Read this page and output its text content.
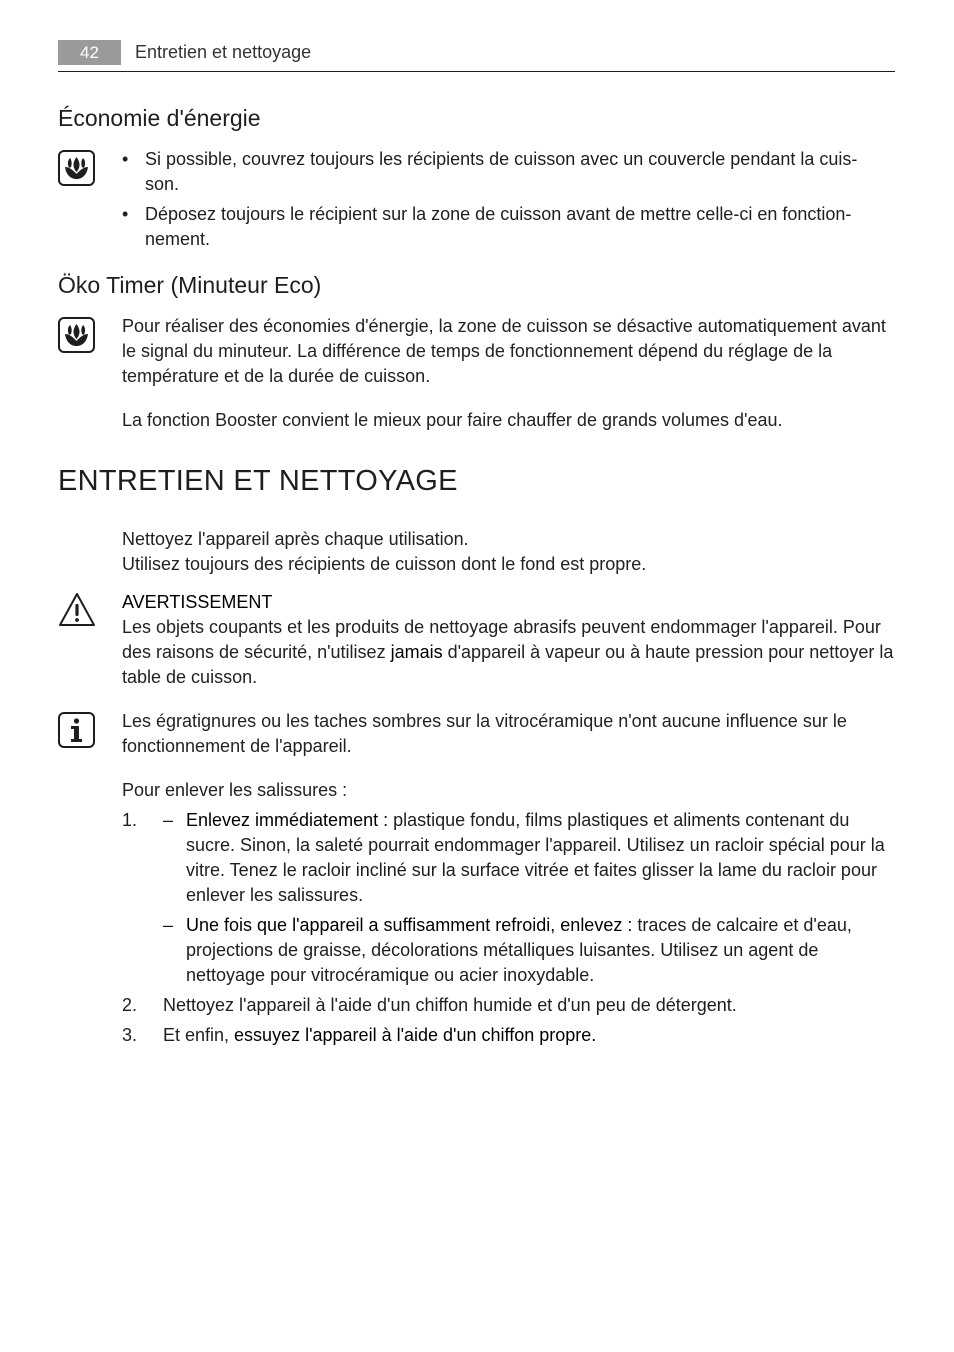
42	Entretien et nettoyage
Économie d'énergie
• Si possible, couvrez toujours les récipients de cuisson avec un couvercle pendant la cuis-
son.
• Déposez toujours le récipient sur la zone de cuisson avant de mettre celle-ci en fonction-
nement.
Öko Timer (Minuteur Eco)

Pour réaliser des économies d'énergie, la zone de cuisson se désactive automatiquement avant le signal du minuteur. La différence de temps de fonctionnement dépend du réglage de la température et de la durée de cuisson.

La fonction Booster convient le mieux pour faire chauffer de grands volumes d'eau.

ENTRETIEN ET NETTOYAGE

Nettoyez l'appareil après chaque utilisation.

Utilisez toujours des récipients de cuisson dont le fond est propre.

AVERTISSEMENT

Les objets coupants et les produits de nettoyage abrasifs peuvent endommager l'appareil. Pour des raisons de sécurité, n'utilisez jamais d'appareil à vapeur ou à haute pression pour nettoyer la table de cuisson.

Les égratignures ou les taches sombres sur la vitrocéramique n'ont aucune influence sur le fonctionnement de l'appareil.

Pour enlever les salissures :

1. – Enlevez immédiatement : plastique fondu, films plastiques et aliments contenant du sucre. Sinon, la saleté pourrait endommager l'appareil. Utilisez un racloir spécial pour la vitre. Tenez le racloir incliné sur la surface vitrée et faites glisser la lame du racloir pour enlever les salissures.
– Une fois que l'appareil a suffisamment refroidi, enlevez : traces de calcaire et d'eau, projections de graisse, décolorations métalliques luisantes. Utilisez un agent de nettoyage pour vitrocéramique ou acier inoxydable.
2. Nettoyez l'appareil à l'aide d'un chiffon humide et d'un peu de détergent.
3. Et enfin, essuyez l'appareil à l'aide d'un chiffon propre.
